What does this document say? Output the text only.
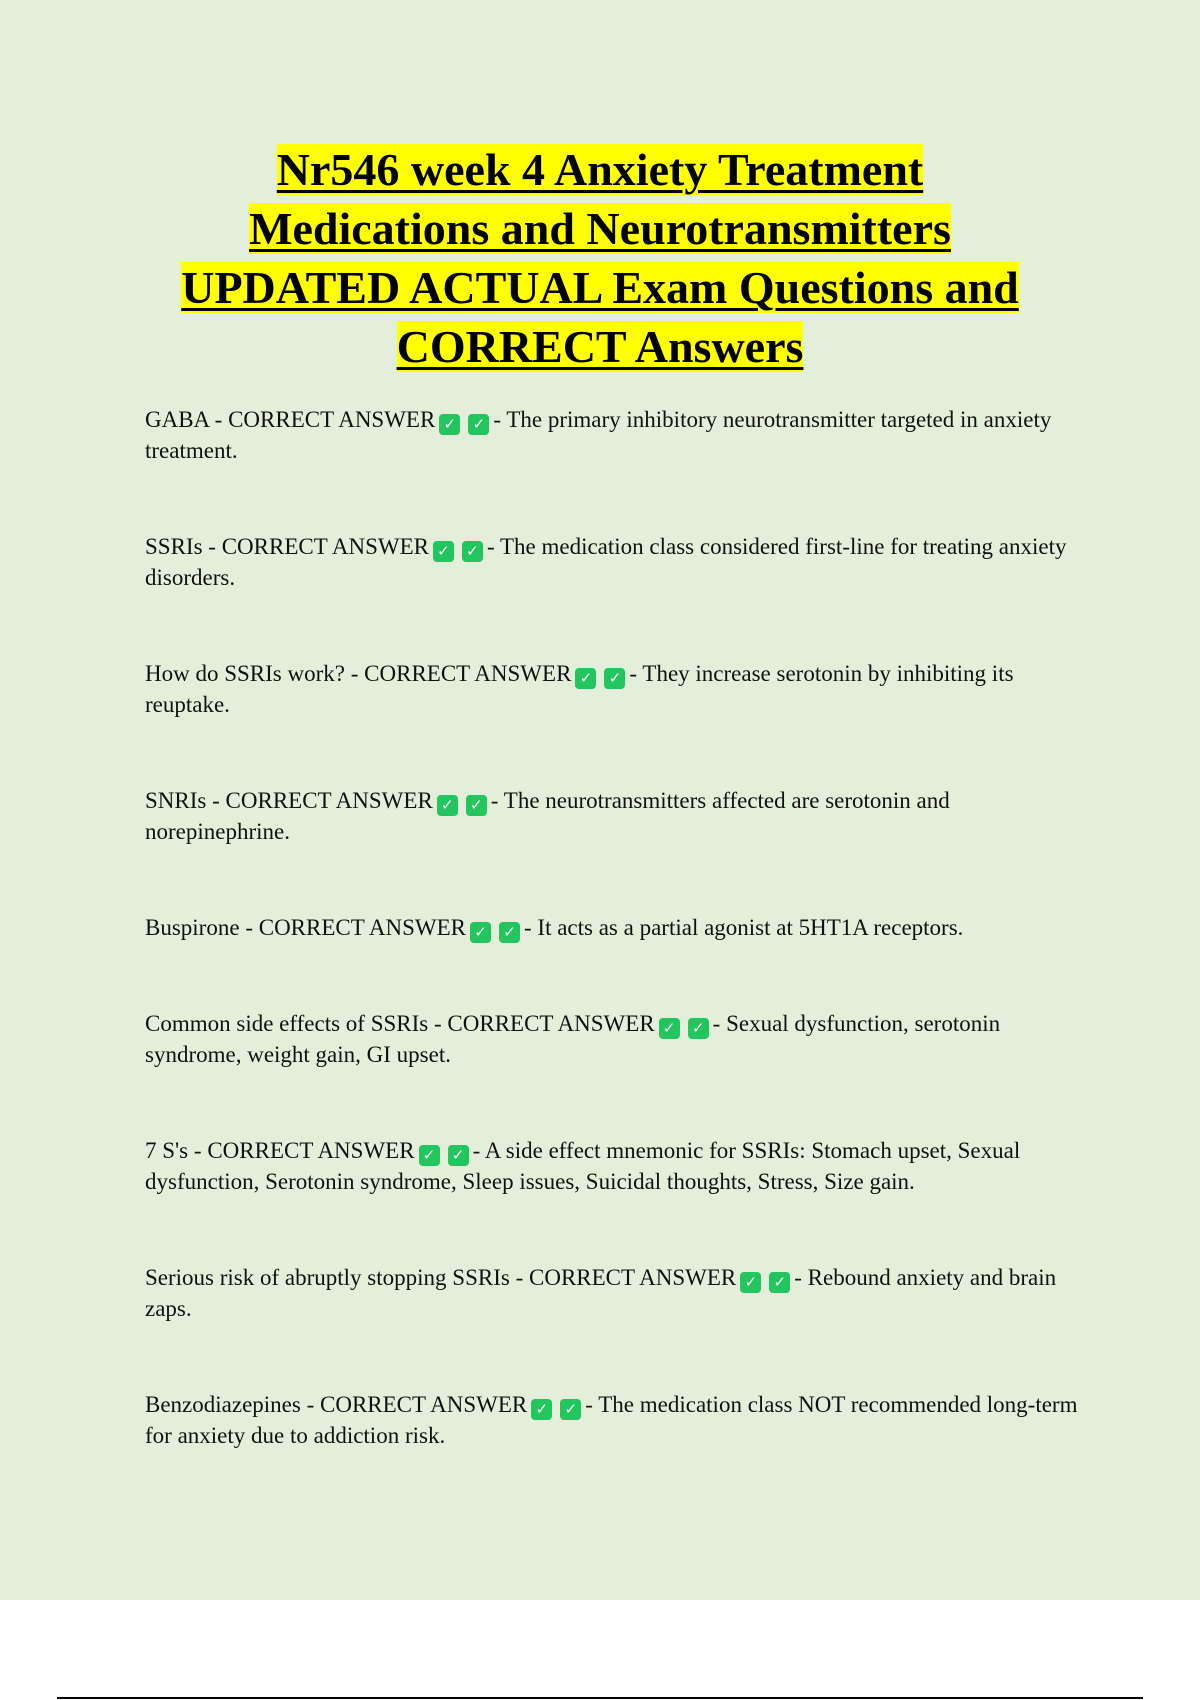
Nr546 week 4 Anxiety Treatment
Medications and Neurotransmitters
UPDATED ACTUAL Exam Questions and
CORRECT Answers

GABA - CORRECT ANSWER ✓ ✓ - The primary inhibitory neurotransmitter targeted in anxiety treatment.

SSRIs - CORRECT ANSWER ✓ ✓ - The medication class considered first-line for treating anxiety disorders.

How do SSRIs work? - CORRECT ANSWER ✓ ✓ - They increase serotonin by inhibiting its reuptake.

SNRIs - CORRECT ANSWER ✓ ✓ - The neurotransmitters affected are serotonin and norepinephrine.

Buspirone - CORRECT ANSWER ✓ ✓ - It acts as a partial agonist at 5HT1A receptors.

Common side effects of SSRIs - CORRECT ANSWER ✓ ✓ - Sexual dysfunction, serotonin syndrome, weight gain, GI upset.

7 S's - CORRECT ANSWER ✓ ✓ - A side effect mnemonic for SSRIs: Stomach upset, Sexual dysfunction, Serotonin syndrome, Sleep issues, Suicidal thoughts, Stress, Size gain.

Serious risk of abruptly stopping SSRIs - CORRECT ANSWER ✓ ✓ - Rebound anxiety and brain zaps.

Benzodiazepines - CORRECT ANSWER ✓ ✓ - The medication class NOT recommended long-term for anxiety due to addiction risk.
